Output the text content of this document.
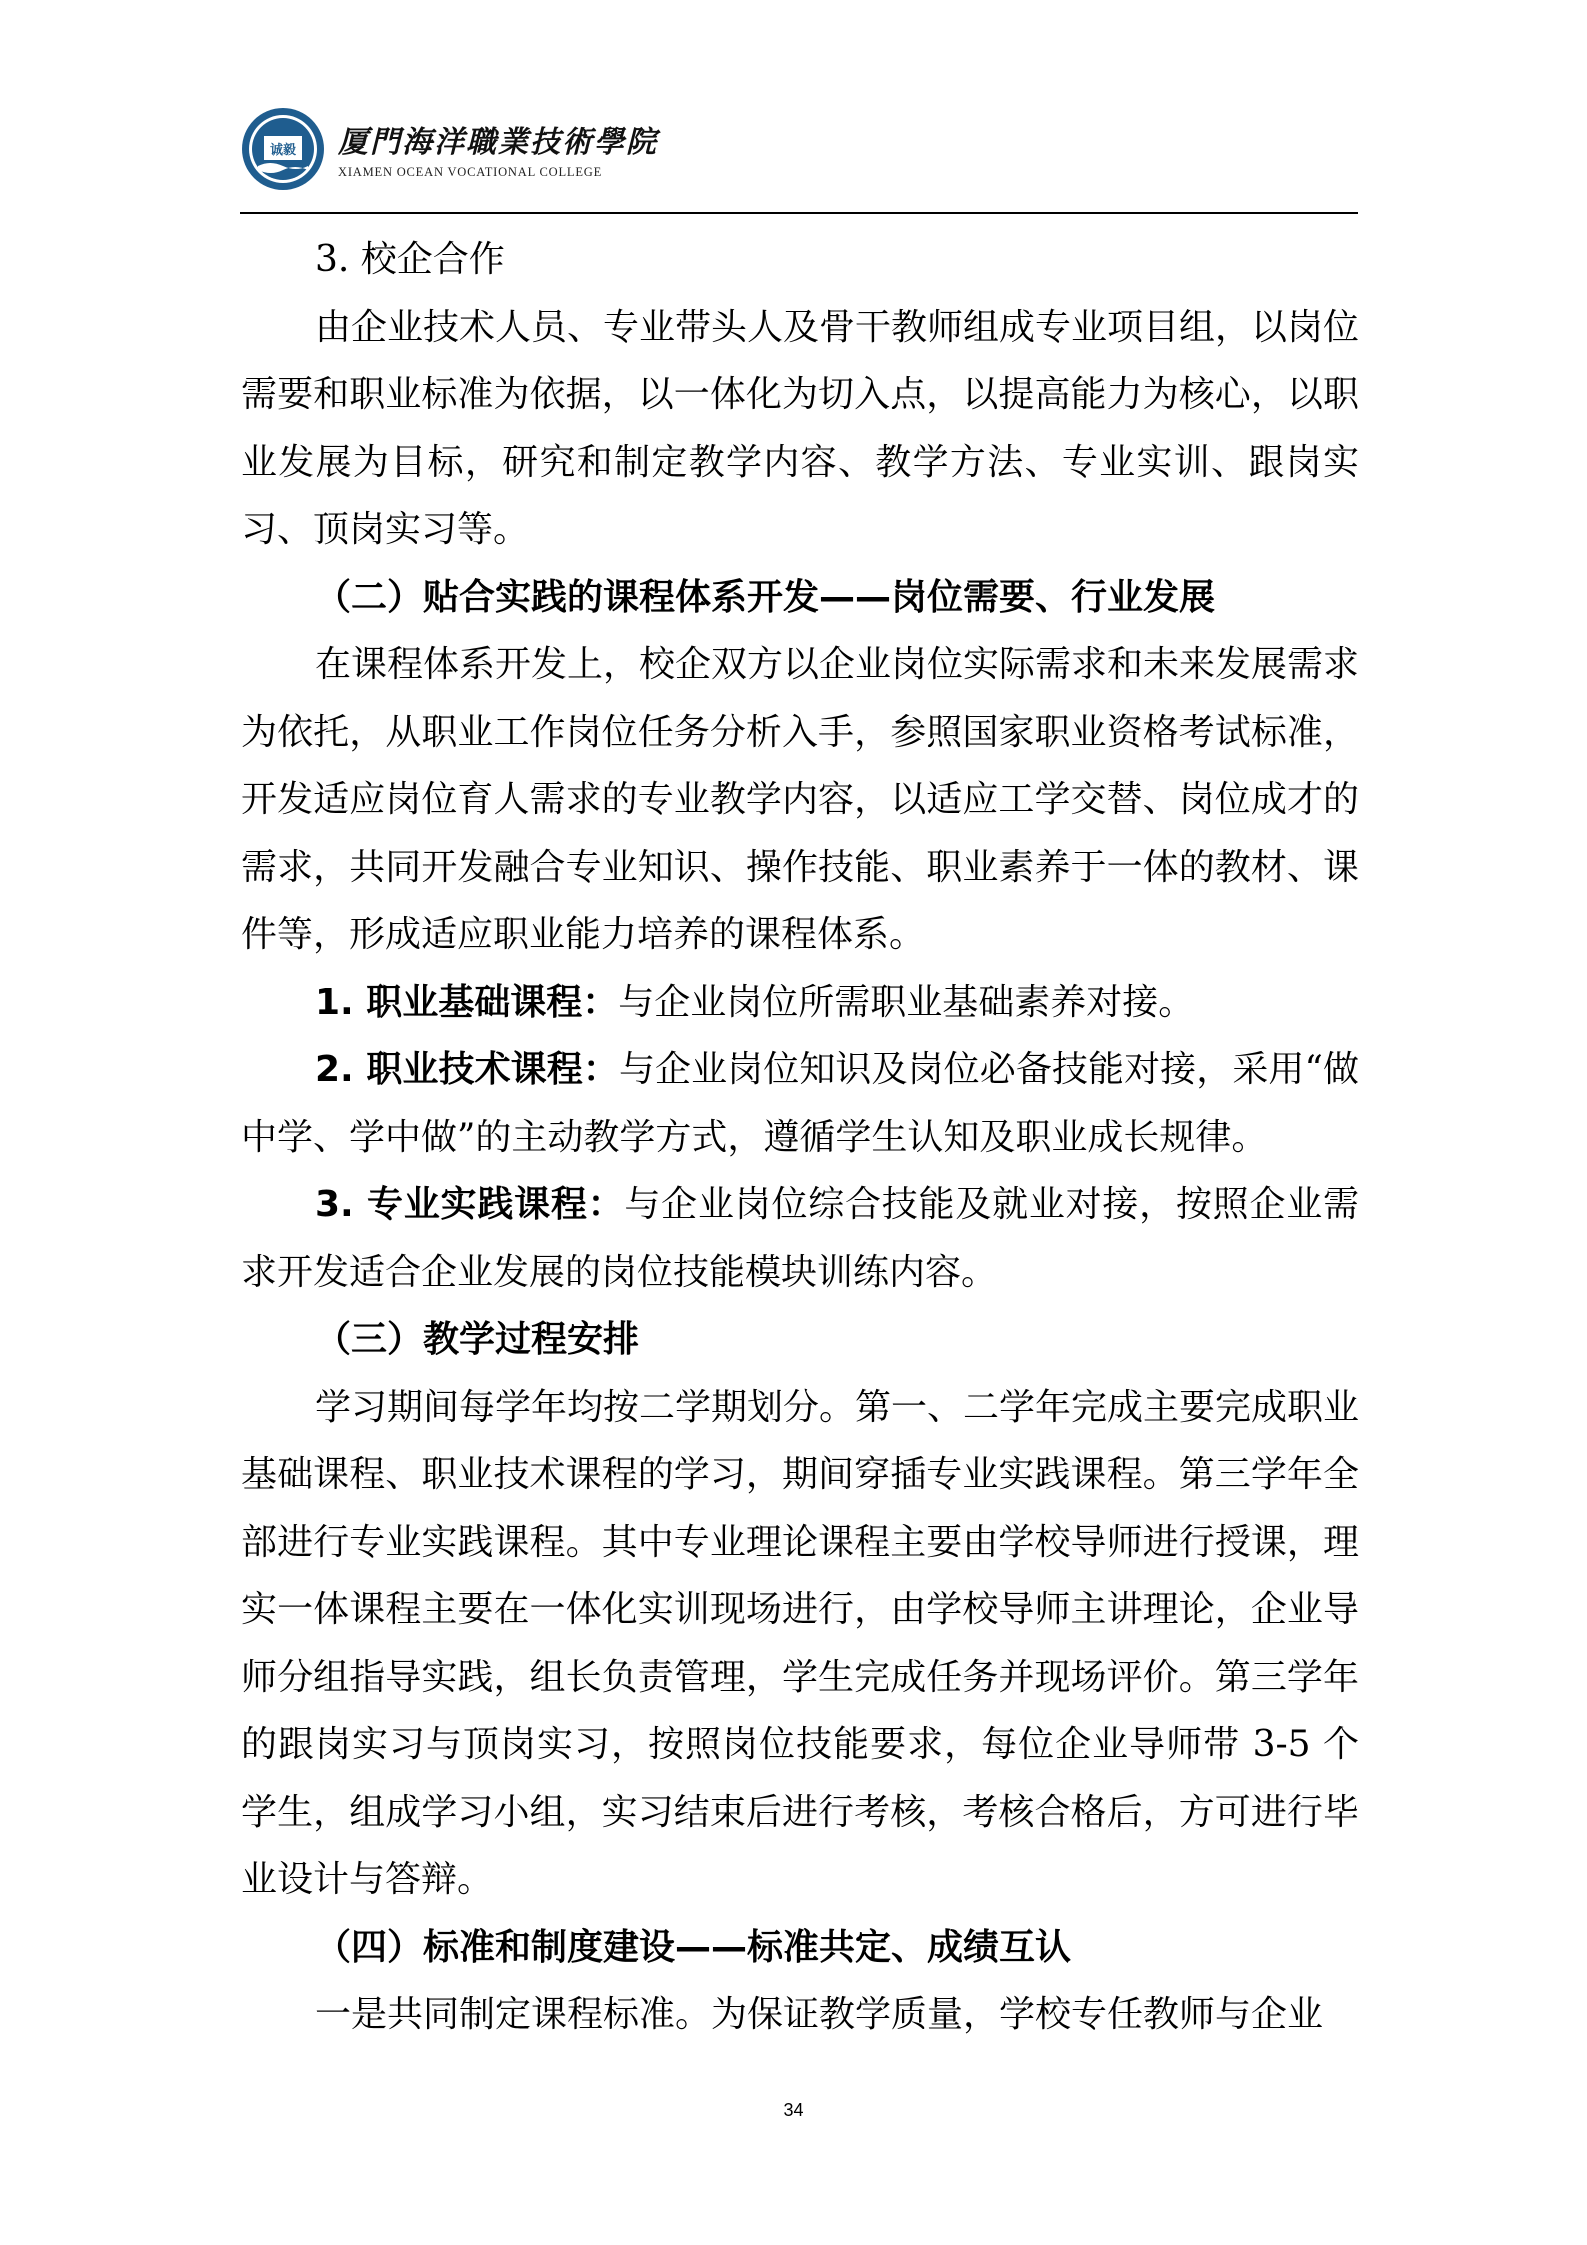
诚毅 厦門海洋職業技術學院
XIAMEN OCEAN VOCATIONAL COLLEGE

3. 校企合作

由企业技术人员、专业带头人及骨干教师组成专业项目组，以岗位需要和职业标准为依据，以一体化为切入点，以提高能力为核心，以职业发展为目标，研究和制定教学内容、教学方法、专业实训、跟岗实习、顶岗实习等。

（二）贴合实践的课程体系开发——岗位需要、行业发展

在课程体系开发上，校企双方以企业岗位实际需求和未来发展需求为依托，从职业工作岗位任务分析入手，参照国家职业资格考试标准，开发适应岗位育人需求的专业教学内容，以适应工学交替、岗位成才的需求，共同开发融合专业知识、操作技能、职业素养于一体的教材、课件等，形成适应职业能力培养的课程体系。

1. 职业基础课程：与企业岗位所需职业基础素养对接。

2. 职业技术课程：与企业岗位知识及岗位必备技能对接，采用“做中学、学中做”的主动教学方式，遵循学生认知及职业成长规律。

3. 专业实践课程：与企业岗位综合技能及就业对接，按照企业需求开发适合企业发展的岗位技能模块训练内容。

（三）教学过程安排

学习期间每学年均按二学期划分。第一、二学年完成主要完成职业基础课程、职业技术课程的学习，期间穿插专业实践课程。第三学年全部进行专业实践课程。其中专业理论课程主要由学校导师进行授课，理实一体课程主要在一体化实训现场进行，由学校导师主讲理论，企业导师分组指导实践，组长负责管理，学生完成任务并现场评价。第三学年的跟岗实习与顶岗实习，按照岗位技能要求，每位企业导师带 3-5 个学生，组成学习小组，实习结束后进行考核，考核合格后，方可进行毕业设计与答辩。

（四）标准和制度建设——标准共定、成绩互认

一是共同制定课程标准。为保证教学质量，学校专任教师与企业

34
